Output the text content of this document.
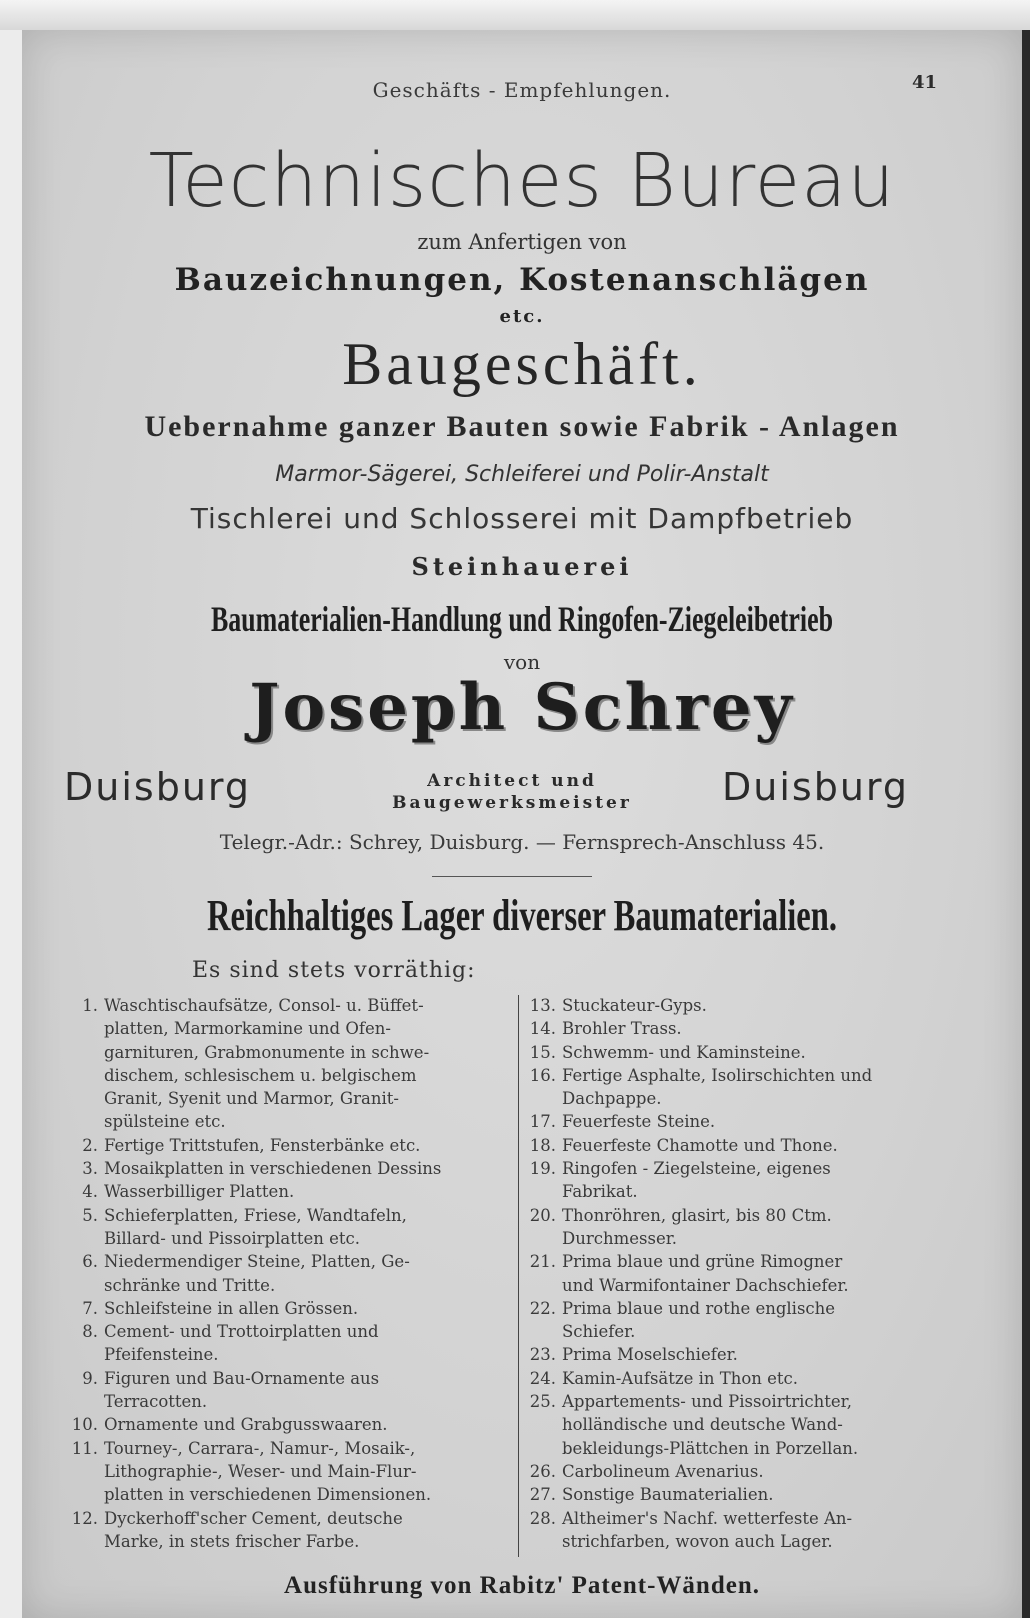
Geschäfts - Empfehlungen.	41
Technisches Bureau
zum Anfertigen von
Bauzeichnungen, Kostenanschlägen
etc.
Baugeschäft.
Uebernahme ganzer Bauten sowie Fabrik - Anlagen
Marmor-Sägerei, Schleiferei und Polir-Anstalt
Tischlerei und Schlosserei mit Dampfbetrieb
Steinhauerei
Baumaterialien-Handlung und Ringofen-Ziegeleibetrieb
von
Joseph Schrey
Duisburg	Architect und
Baugewerksmeister	Duisburg
Telegr.-Adr.: Schrey, Duisburg. — Fernsprech-Anschluss 45.
Reichhaltiges Lager diverser Baumaterialien.
Es sind stets vorräthig:
1. Waschtischaufsätze, Consol- u. Büffet-
platten, Marmorkamine und Ofen-
garnituren, Grabmonumente in schwe-
dischem, schlesischem u. belgischem
Granit, Syenit und Marmor, Granit-
spülsteine etc.
2. Fertige Trittstufen, Fensterbänke etc.
3. Mosaikplatten in verschiedenen Dessins
4. Wasserbilliger Platten.
5. Schieferplatten, Friese, Wandtafeln,
Billard- und Pissoirplatten etc.
6. Niedermendiger Steine, Platten, Ge-
schränke und Tritte.
7. Schleifsteine in allen Grössen.
8. Cement- und Trottoirplatten und
Pfeifensteine.
9. Figuren und Bau-Ornamente aus
Terracotten.
10. Ornamente und Grabgusswaaren.
11. Tourney-, Carrara-, Namur-, Mosaik-,
Lithographie-, Weser- und Main-Flur-
platten in verschiedenen Dimensionen.
12. Dyckerhoff'scher Cement, deutsche
Marke, in stets frischer Farbe.
13. Stuckateur-Gyps.
14. Brohler Trass.
15. Schwemm- und Kaminsteine.
16. Fertige Asphalte, Isolirschichten und
Dachpappe.
17. Feuerfeste Steine.
18. Feuerfeste Chamotte und Thone.
19. Ringofen - Ziegelsteine, eigenes
Fabrikat.
20. Thonröhren, glasirt, bis 80 Ctm.
Durchmesser.
21. Prima blaue und grüne Rimogner
und Warmifontainer Dachschiefer.
22. Prima blaue und rothe englische
Schiefer.
23. Prima Moselschiefer.
24. Kamin-Aufsätze in Thon etc.
25. Appartements- und Pissoirtrichter,
holländische und deutsche Wand-
bekleidungs-Plättchen in Porzellan.
26. Carbolineum Avenarius.
27. Sonstige Baumaterialien.
28. Altheimer's Nachf. wetterfeste An-
strichfarben, wovon auch Lager.
Ausführung von Rabitz' Patent-Wänden.
